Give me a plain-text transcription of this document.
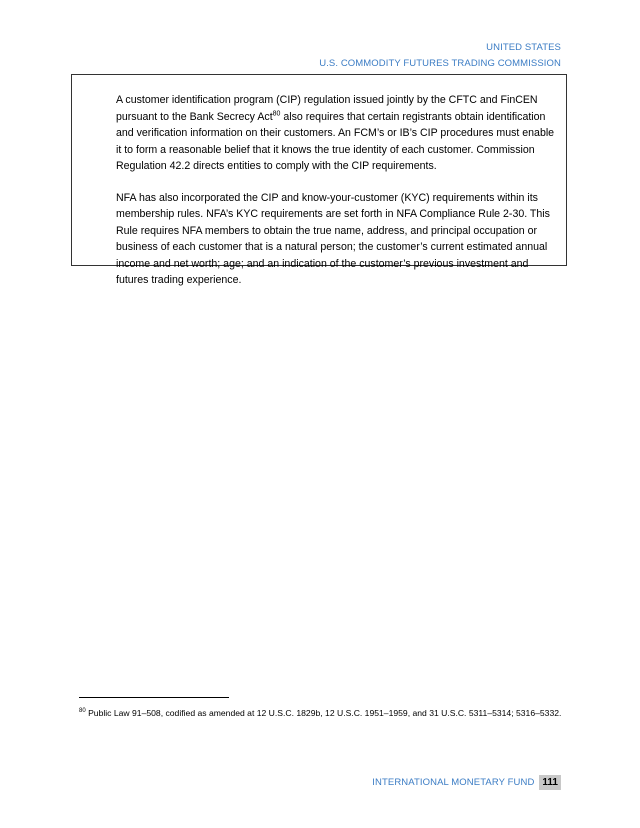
UNITED STATES
U.S. COMMODITY FUTURES TRADING COMMISSION

A customer identification program (CIP) regulation issued jointly by the CFTC and FinCEN pursuant to the Bank Secrecy Act$^{80}$ also requires that certain registrants obtain identification and verification information on their customers. An FCM’s or IB’s CIP procedures must enable it to form a reasonable belief that it knows the true identity of each customer. Commission Regulation 42.2 directs entities to comply with the CIP requirements.

NFA has also incorporated the CIP and know-your-customer (KYC) requirements within its membership rules. NFA’s KYC requirements are set forth in NFA Compliance Rule 2-30. This Rule requires NFA members to obtain the true name, address, and principal occupation or business of each customer that is a natural person; the customer’s current estimated annual income and net worth; age; and an indication of the customer’s previous investment and futures trading experience.

$^{80}$ Public Law 91–508, codified as amended at 12 U.S.C. 1829b, 12 U.S.C. 1951–1959, and 31 U.S.C. 5311–5314; 5316–5332.
INTERNATIONAL MONETARY FUND 111
